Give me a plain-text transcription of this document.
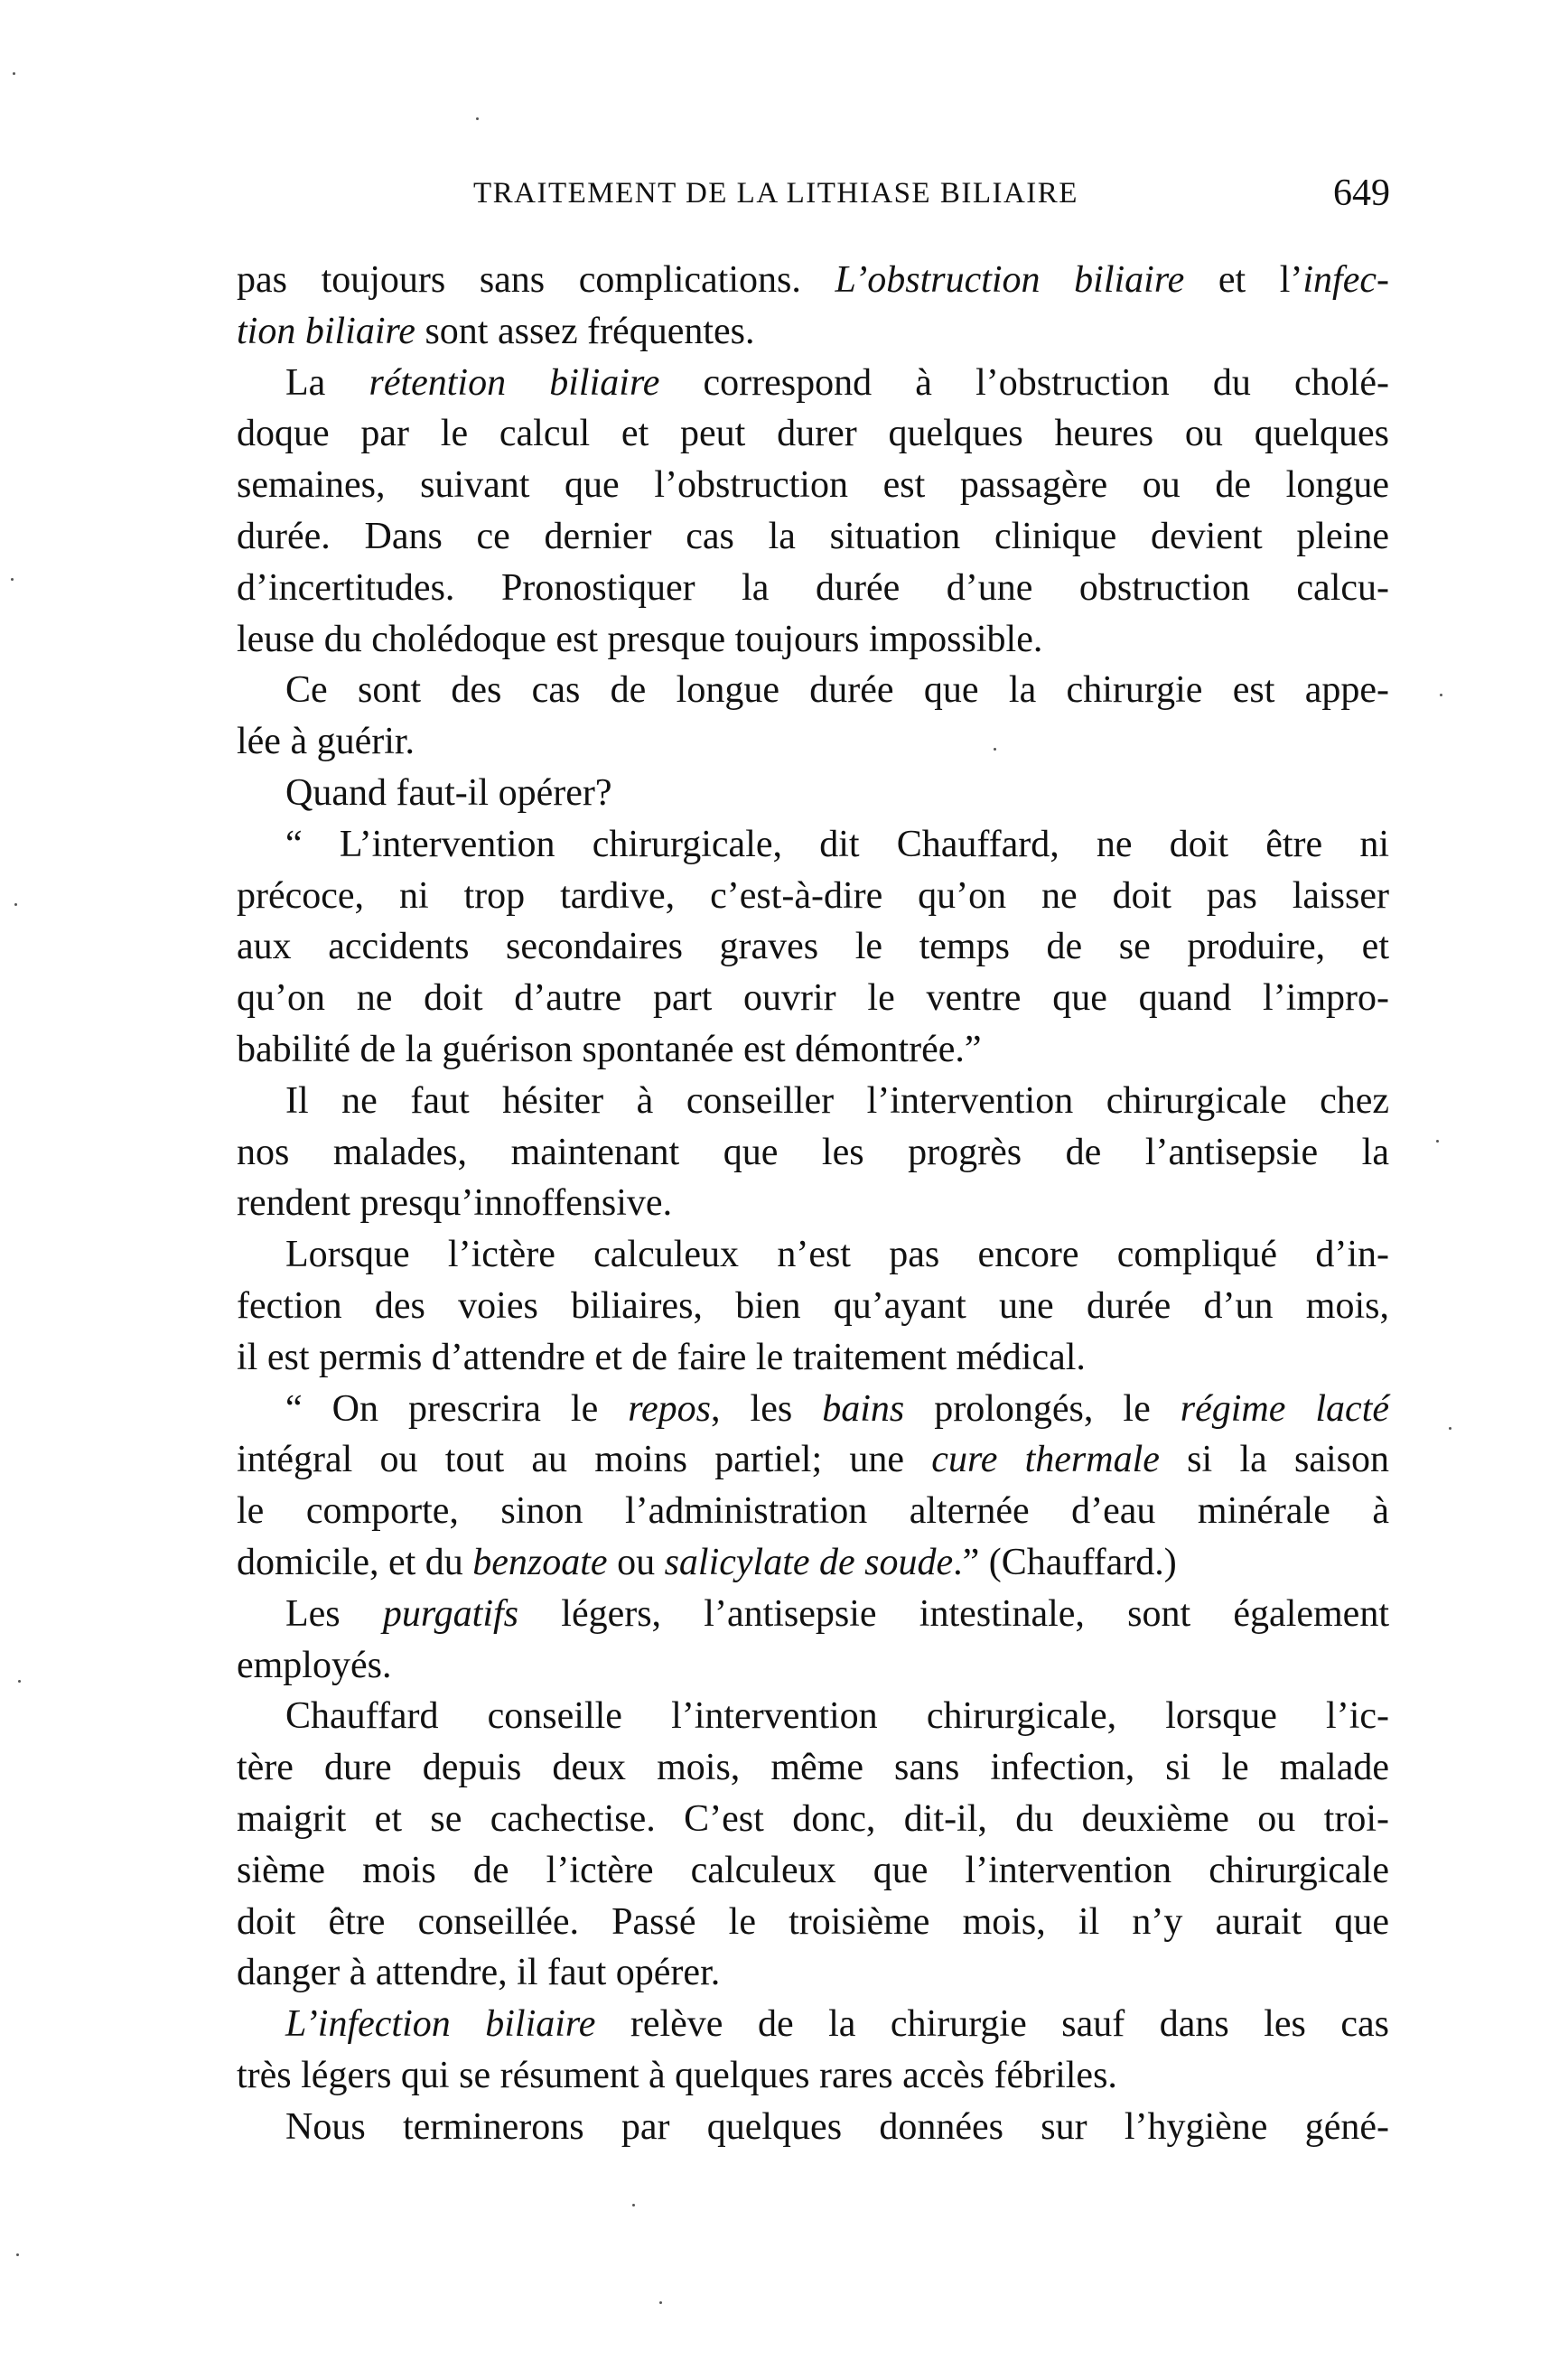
TRAITEMENT DE LA LITHIASE BILIAIRE	649
pas toujours sans complications. L’obstruction biliaire et l’infec-
tion biliaire sont assez fréquentes.
La rétention biliaire correspond à l’obstruction du cholé-
doque par le calcul et peut durer quelques heures ou quelques
semaines, suivant que l’obstruction est passagère ou de longue
durée. Dans ce dernier cas la situation clinique devient pleine
d’incertitudes. Pronostiquer la durée d’une obstruction calcu-
leuse du cholédoque est presque toujours impossible.
Ce sont des cas de longue durée que la chirurgie est appe-
lée à guérir.
Quand faut-il opérer?
“ L’intervention chirurgicale, dit Chauffard, ne doit être ni
précoce, ni trop tardive, c’est-à-dire qu’on ne doit pas laisser
aux accidents secondaires graves le temps de se produire, et
qu’on ne doit d’autre part ouvrir le ventre que quand l’impro-
babilité de la guérison spontanée est démontrée.”
Il ne faut hésiter à conseiller l’intervention chirurgicale chez
nos malades, maintenant que les progrès de l’antisepsie la
rendent presqu’innoffensive.
Lorsque l’ictère calculeux n’est pas encore compliqué d’in-
fection des voies biliaires, bien qu’ayant une durée d’un mois,
il est permis d’attendre et de faire le traitement médical.
“ On prescrira le repos, les bains prolongés, le régime lacté
intégral ou tout au moins partiel; une cure thermale si la saison
le comporte, sinon l’administration alternée d’eau minérale à
domicile, et du benzoate ou salicylate de soude.” (Chauffard.)
Les purgatifs légers, l’antisepsie intestinale, sont également
employés.
Chauffard conseille l’intervention chirurgicale, lorsque l’ic-
tère dure depuis deux mois, même sans infection, si le malade
maigrit et se cachectise. C’est donc, dit-il, du deuxième ou troi-
sième mois de l’ictère calculeux que l’intervention chirurgicale
doit être conseillée. Passé le troisième mois, il n’y aurait que
danger à attendre, il faut opérer.
L’infection biliaire relève de la chirurgie sauf dans les cas
très légers qui se résument à quelques rares accès fébriles.
Nous terminerons par quelques données sur l’hygiène géné-
